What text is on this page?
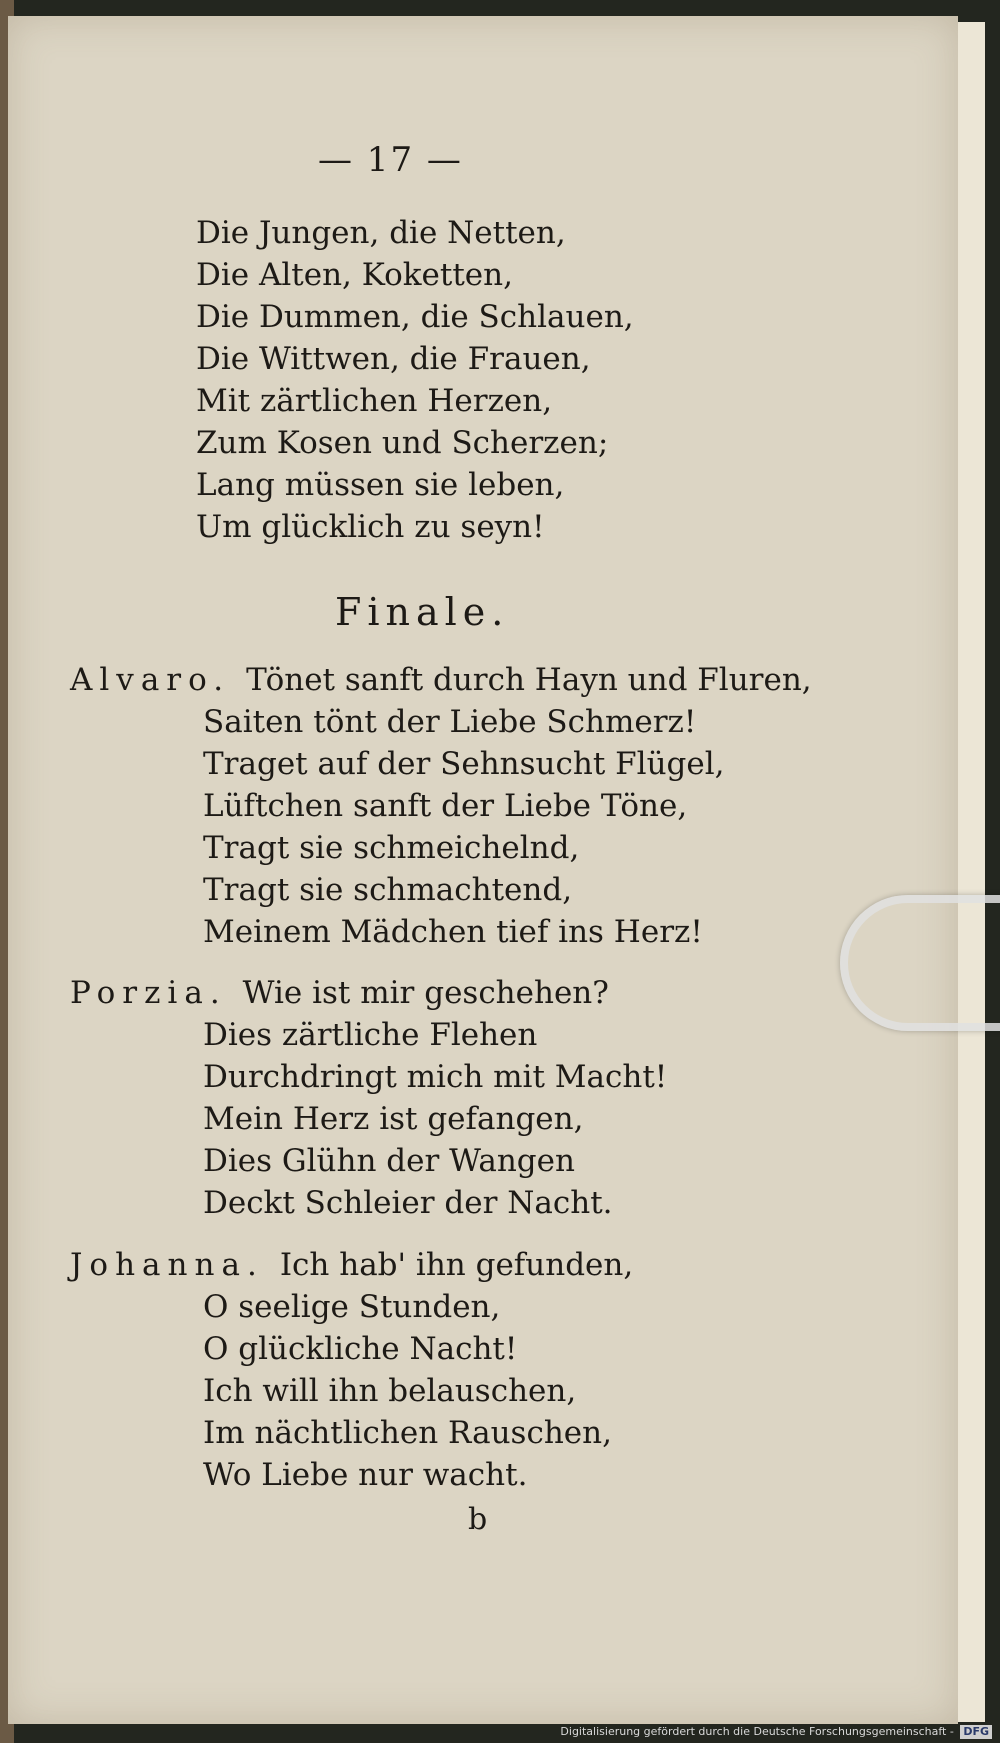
— 17 —
Die Jungen, die Netten,
Die Alten, Koketten,
Die Dummen, die Schlauen,
Die Wittwen, die Frauen,
Mit zärtlichen Herzen,
Zum Kosen und Scherzen;
Lang müssen sie leben,
Um glücklich zu seyn!
Finale.
Alvaro. Tönet sanft durch Hayn und Fluren,
Saiten tönt der Liebe Schmerz!
Traget auf der Sehnsucht Flügel,
Lüftchen sanft der Liebe Töne,
Tragt sie schmeichelnd,
Tragt sie schmachtend,
Meinem Mädchen tief ins Herz!
Porzia. Wie ist mir geschehen?
Dies zärtliche Flehen
Durchdringt mich mit Macht!
Mein Herz ist gefangen,
Dies Glühn der Wangen
Deckt Schleier der Nacht.
Johanna. Ich hab' ihn gefunden,
O seelige Stunden,
O glückliche Nacht!
Ich will ihn belauschen,
Im nächtlichen Rauschen,
Wo Liebe nur wacht.
b
Digitalisierung gefördert durch die Deutsche Forschungsgemeinschaft - DFG
